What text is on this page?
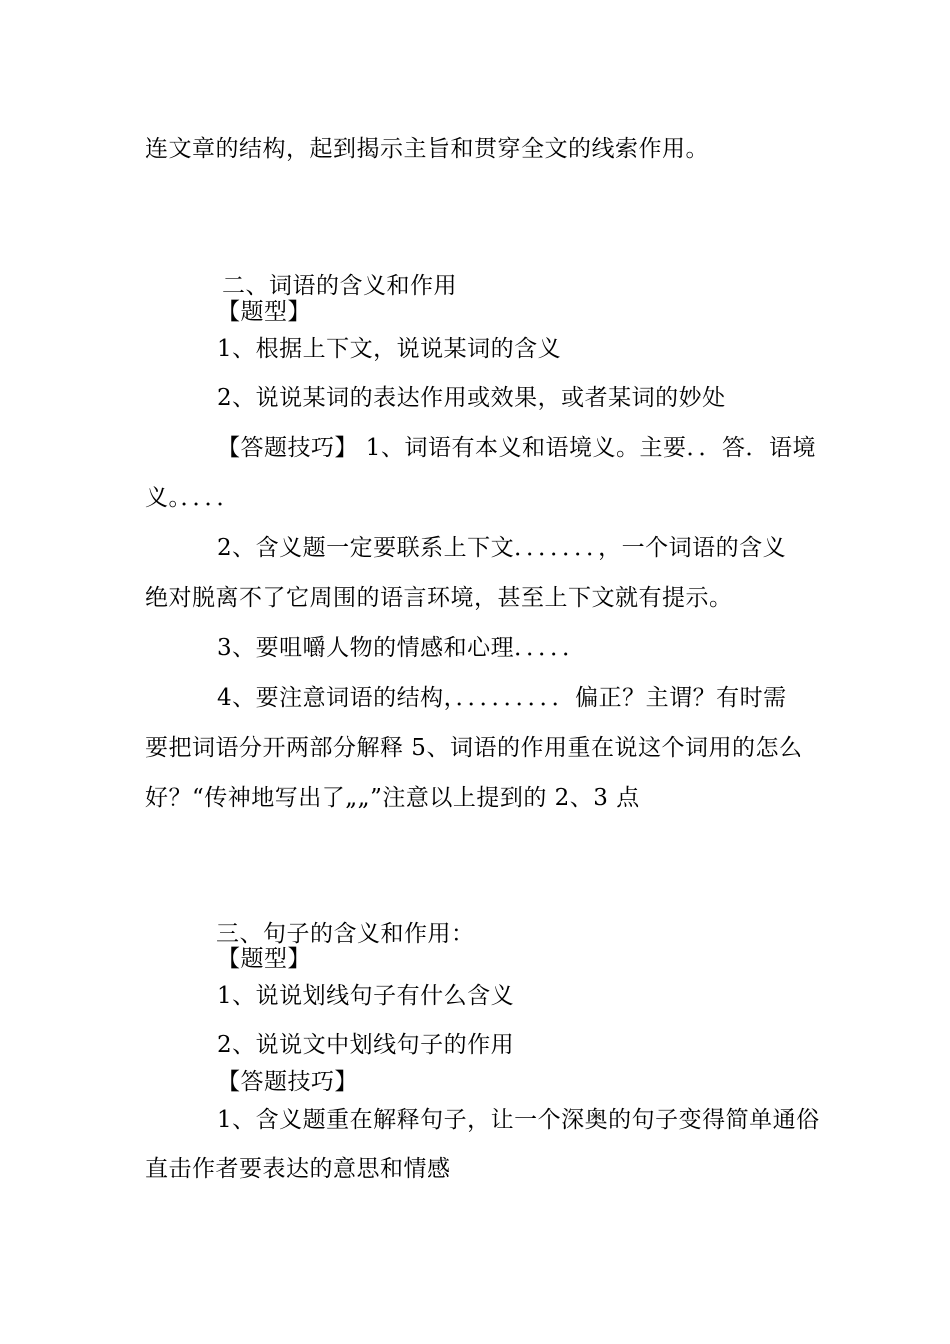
连文章的结构，起到揭示主旨和贯穿全文的线索作用。
二、词语的含义和作用
【题型】
1、根据上下文，说说某词的含义
2、说说某词的表达作用或效果，或者某词的妙处
【答题技巧】 1、词语有本义和语境义。主要．．答．语境
义。．．．．
2、含义题一定要联系上下文．．．．．．．，一个词语的含义
绝对脱离不了它周围的语言环境，甚至上下文就有提示。
3、要咀嚼人物的情感和心理．．．．．
4、要注意词语的结构，．．．．．．．．．偏正？主谓？有时需
要把词语分开两部分解释 5、词语的作用重在说这个词用的怎么
好？“传神地写出了„„”注意以上提到的 2、3 点
三、句子的含义和作用：
【题型】
1、说说划线句子有什么含义
2、说说文中划线句子的作用
【答题技巧】
1、含义题重在解释句子，让一个深奥的句子变得简单通俗
直击作者要表达的意思和情感
